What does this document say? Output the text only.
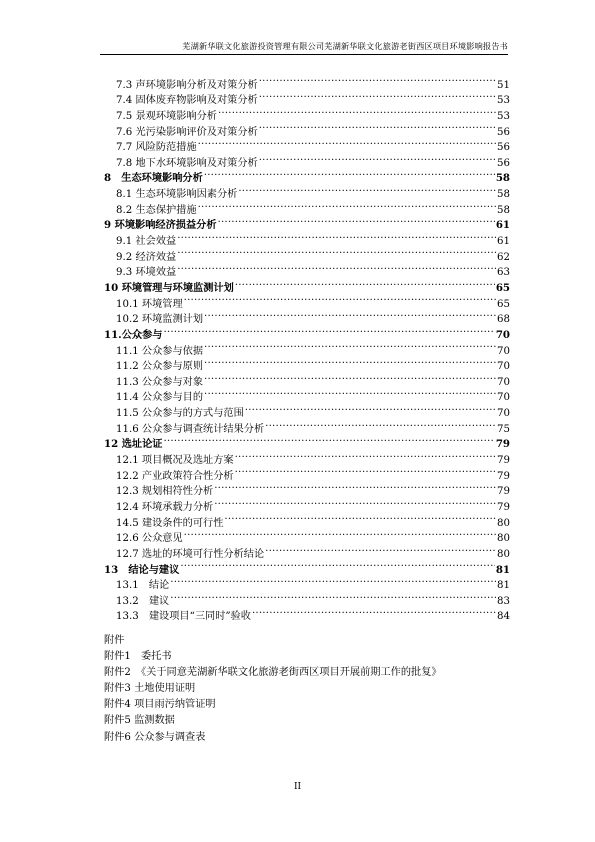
芜湖新华联文化旅游投资管理有限公司芜湖新华联文化旅游老街西区项目环境影响报告书
7.3 声环境影响分析及对策分析 .....	51
7.4 固体废弃物影响及对策分析 .....	53
7.5 景观环境影响分析 .....	53
7.6 光污染影响评价及对策分析 .....	56
7.7 风险防范措施 .....	56
7.8 地下水环境影响及对策分析 .....	56
8　生态环境影响分析 .....	58
8.1 生态环境影响因素分析 .....	58
8.2 生态保护措施 .....	58
9 环境影响经济损益分析 .....	61
9.1 社会效益 .....	61
9.2 经济效益 .....	62
9.3 环境效益 .....	63
10 环境管理与环境监测计划 .....	65
10.1 环境管理 .....	65
10.2 环境监测计划 .....	68
11.公众参与 .....	70
11.1 公众参与依据 .....	70
11.2 公众参与原则 .....	70
11.3 公众参与对象 .....	70
11.4 公众参与目的 .....	70
11.5 公众参与的方式与范围 .....	70
11.6 公众参与调查统计结果分析 .....	75
12 选址论证 .....	79
12.1 项目概况及选址方案 .....	79
12.2 产业政策符合性分析 .....	79
12.3 规划相符性分析 .....	79
12.4 环境承载力分析 .....	79
14.5 建设条件的可行性 .....	80
12.6 公众意见 .....	80
12.7 选址的环境可行性分析结论 .....	80
13　结论与建议 .....	81
13.1　结论 .....	81
13.2　建议 .....	83
13.3　建设项目“三同时”验收 .....	84
附件
附件1　委托书
附件2　《关于同意芜湖新华联文化旅游老街西区项目开展前期工作的批复》
附件3 土地使用证明
附件4 项目雨污纳管证明
附件5 监测数据
附件6 公众参与调查表
II
